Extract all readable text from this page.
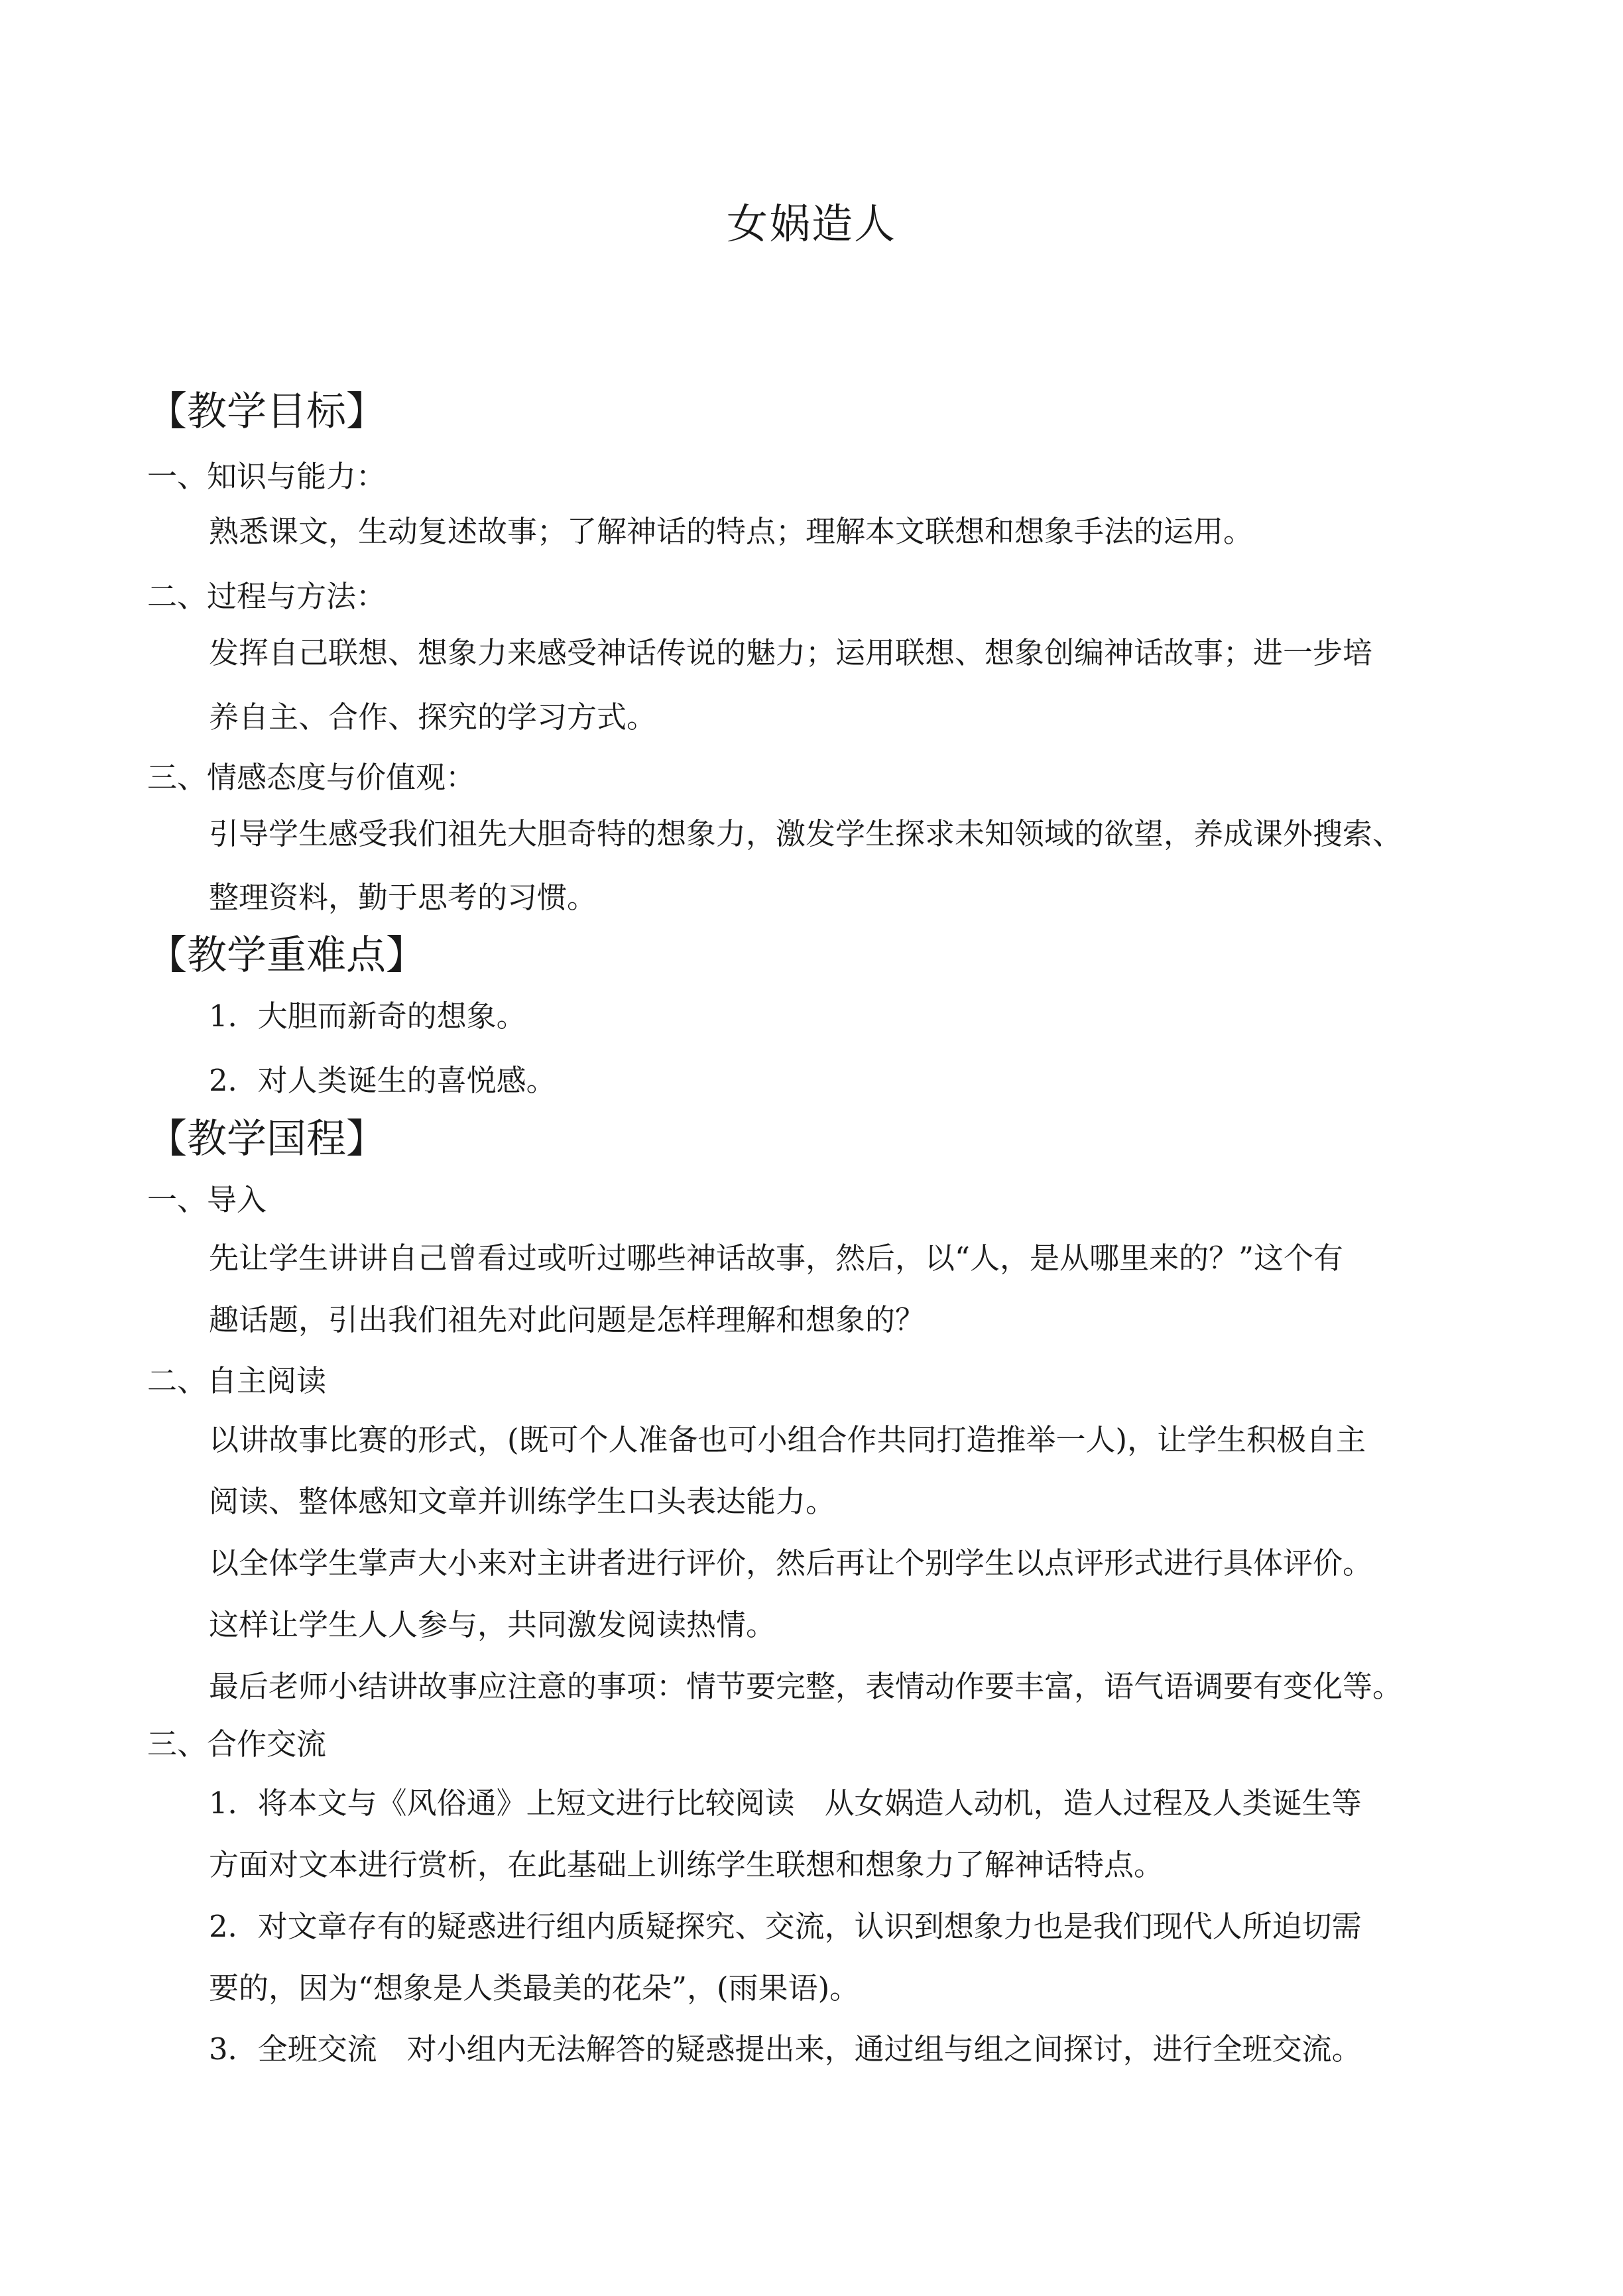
女娲造人
【教学目标】
一、知识与能力：
熟悉课文，生动复述故事；了解神话的特点；理解本文联想和想象手法的运用。
二、过程与方法：
发挥自己联想、想象力来感受神话传说的魅力；运用联想、想象创编神话故事；进一步培
养自主、合作、探究的学习方式。
三、情感态度与价值观：
引导学生感受我们祖先大胆奇特的想象力，激发学生探求未知领域的欲望，养成课外搜索、
整理资料，勤于思考的习惯。
【教学重难点】
1．大胆而新奇的想象。
2．对人类诞生的喜悦感。
【教学国程】
一、导入
先让学生讲讲自己曾看过或听过哪些神话故事，然后，以“人，是从哪里来的？”这个有
趣话题，引出我们祖先对此问题是怎样理解和想象的？
二、自主阅读
以讲故事比赛的形式，(既可个人准备也可小组合作共同打造推举一人)，让学生积极自主
阅读、整体感知文章并训练学生口头表达能力。
以全体学生掌声大小来对主讲者进行评价，然后再让个别学生以点评形式进行具体评价。
这样让学生人人参与，共同激发阅读热情。
最后老师小结讲故事应注意的事项：情节要完整，表情动作要丰富，语气语调要有变化等。
三、合作交流
1．将本文与《风俗通》上短文进行比较阅读　从女娲造人动机，造人过程及人类诞生等
方面对文本进行赏析，在此基础上训练学生联想和想象力了解神话特点。
2．对文章存有的疑惑进行组内质疑探究、交流，认识到想象力也是我们现代人所迫切需
要的，因为“想象是人类最美的花朵”，(雨果语)。
3．全班交流　对小组内无法解答的疑惑提出来，通过组与组之间探讨，进行全班交流。
